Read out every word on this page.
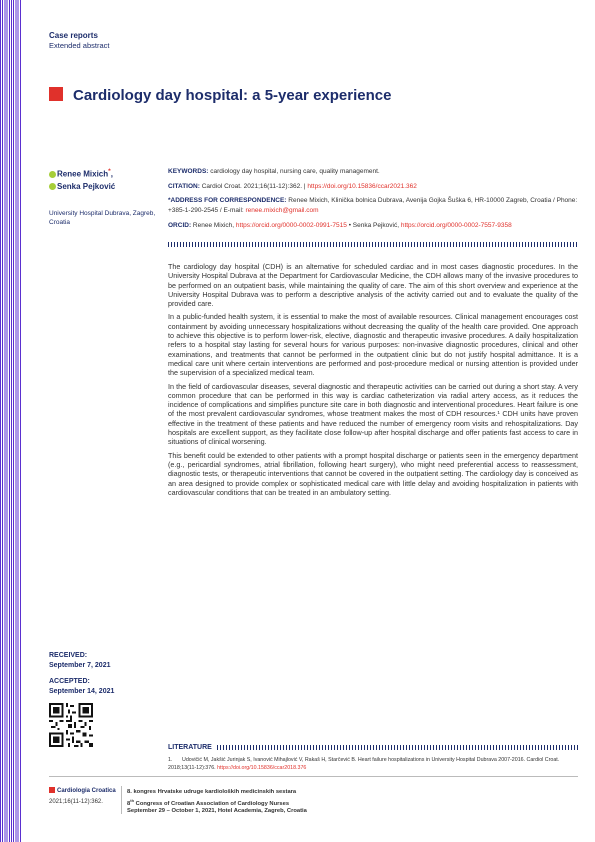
Case reports
Extended abstract
Cardiology day hospital: a 5-year experience
Renee Mixich*,
Senka Pejković
University Hospital Dubrava, Zagreb, Croatia
KEYWORDS: cardiology day hospital, nursing care, quality management.
CITATION: Cardiol Croat. 2021;16(11-12):362. | https://doi.org/10.15836/ccar2021.362
*ADDRESS FOR CORRESPONDENCE: Renee Mixich, Klinička bolnica Dubrava, Avenija Gojka Šuška 6, HR-10000 Zagreb, Croatia / Phone: +385-1-290-2545 / E-mail: renee.mixich@gmail.com
ORCID: Renee Mixich, https://orcid.org/0000-0002-0991-7515 • Senka Pejković, https://orcid.org/0000-0002-7557-9358

The cardiology day hospital (CDH) is an alternative for scheduled cardiac and in most cases diagnostic procedures. In the University Hospital Dubrava at the Department for Cardiovascular Medicine, the CDH allows many of the invasive procedures to be performed on an outpatient basis, while maintaining the quality of care. The aim of this short overview and experience at the University Hospital Dubrava was to perform a descriptive analysis of the activity carried out and to evaluate the quality of the provided care.

In a public-funded health system, it is essential to make the most of available resources. Clinical management encourages cost containment by avoiding unnecessary hospitalizations without decreasing the quality of the health care provided. One approach to achieve this objective is to perform lower-risk, elective, diagnostic and therapeutic invasive procedures. A daily hospitalization refers to a hospital stay lasting for several hours for various purposes: non-invasive diagnostic procedures, clinical and other examinations, and treatments that cannot be performed in the outpatient clinic but do not justify hospital admittance. It is a medical care unit where certain interventions are performed and post-procedure medical or nursing attention is provided under the supervision of a specialized medical team.

In the field of cardiovascular diseases, several diagnostic and therapeutic activities can be carried out during a short stay. A very common procedure that can be performed in this way is cardiac catheterization via radial artery access, as it reduces the incidence of complications and simplifies puncture site care in both diagnostic and interventional procedures. Heart failure is one of the most prevalent cardiovascular syndromes, whose treatment makes the most of CDH resources.¹ CDH units have proven effective in the treatment of these patients and have reduced the number of emergency room visits and rehospitalizations. Day hospitals are excellent support, as they facilitate close follow-up after hospital discharge and offer patients fast access to care in situations of clinical worsening.

This benefit could be extended to other patients with a prompt hospital discharge or patients seen in the emergency department (e.g., pericardial syndromes, atrial fibrillation, following heart surgery), who might need preferential access to reassessment, diagnostic tests, or therapeutic interventions that cannot be covered in the outpatient setting. The cardiology day is conceived as an area designed to provide complex or sophisticated medical care with little delay and avoiding hospitalization in patients with cardiovascular conditions that can be treated in an ambulatory setting.

RECEIVED:
September 7, 2021
ACCEPTED:
September 14, 2021
LITERATURE
1. Udovičić M, Jakšić Jurinjak S, Ivanović Mihajlović V, Rakaš H, Starčević B. Heart failure hospitalizations in University Hospital Dubrava 2007-2016. Cardiol Croat. 2018;13(11-12):376. https://doi.org/10.15836/ccar2018.376
Cardiologia Croatica
2021;16(11-12):362.
8. kongres Hrvatske udruge kardioloških medicinskih sestara
8th Congress of Croatian Association of Cardiology Nurses
September 29 – October 1, 2021, Hotel Academia, Zagreb, Croatia
